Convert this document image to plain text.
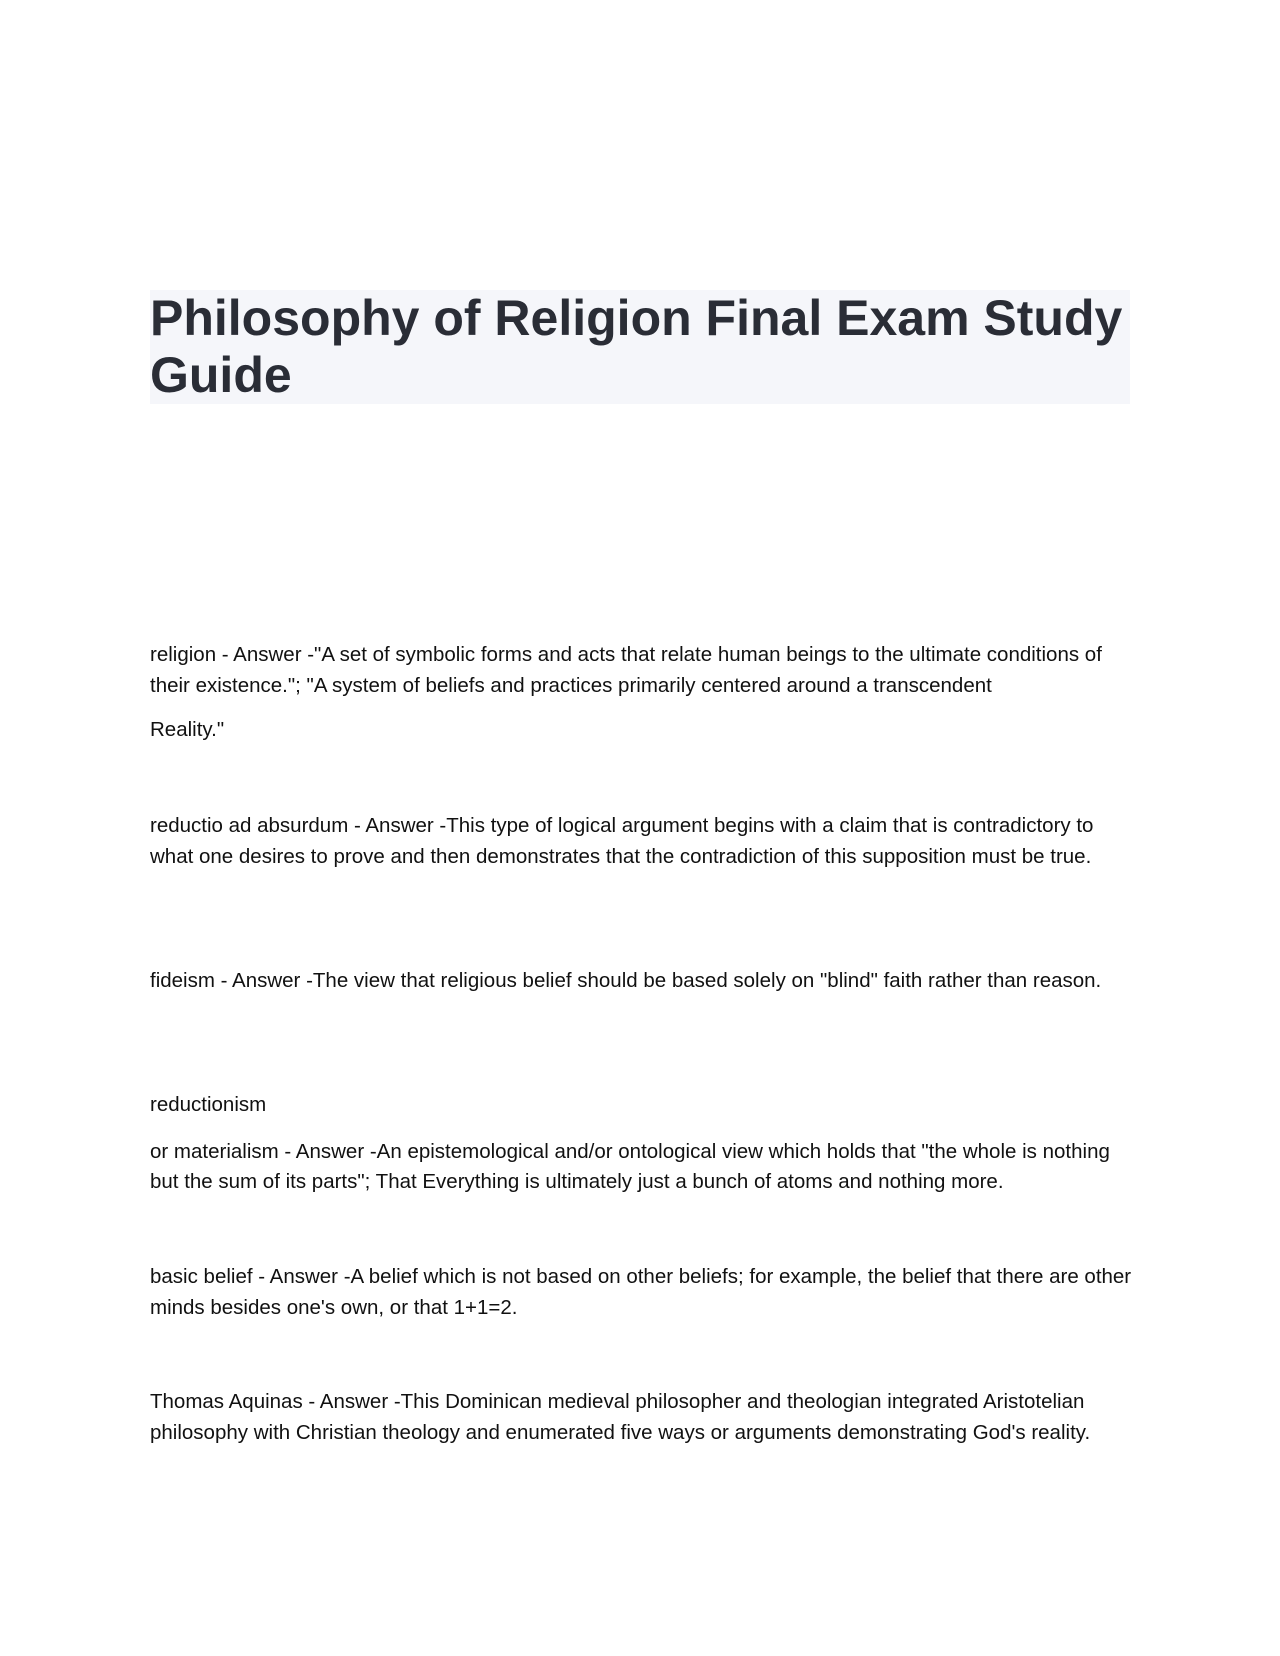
Philosophy of Religion Final Exam Study Guide

religion - Answer -"A set of symbolic forms and acts that relate human beings to the ultimate conditions of their existence."; "A system of beliefs and practices primarily centered around a transcendent

Reality."

reductio ad absurdum - Answer -This type of logical argument begins with a claim that is contradictory to what one desires to prove and then demonstrates that the contradiction of this supposition must be true.

fideism - Answer -The view that religious belief should be based solely on "blind" faith rather than reason.

reductionism

or materialism - Answer -An epistemological and/or ontological view which holds that "the whole is nothing but the sum of its parts"; That Everything is ultimately just a bunch of atoms and nothing more.

basic belief - Answer -A belief which is not based on other beliefs; for example, the belief that there are other minds besides one's own, or that 1+1=2.

Thomas Aquinas - Answer -This Dominican medieval philosopher and theologian integrated Aristotelian philosophy with Christian theology and enumerated five ways or arguments demonstrating God's reality.
